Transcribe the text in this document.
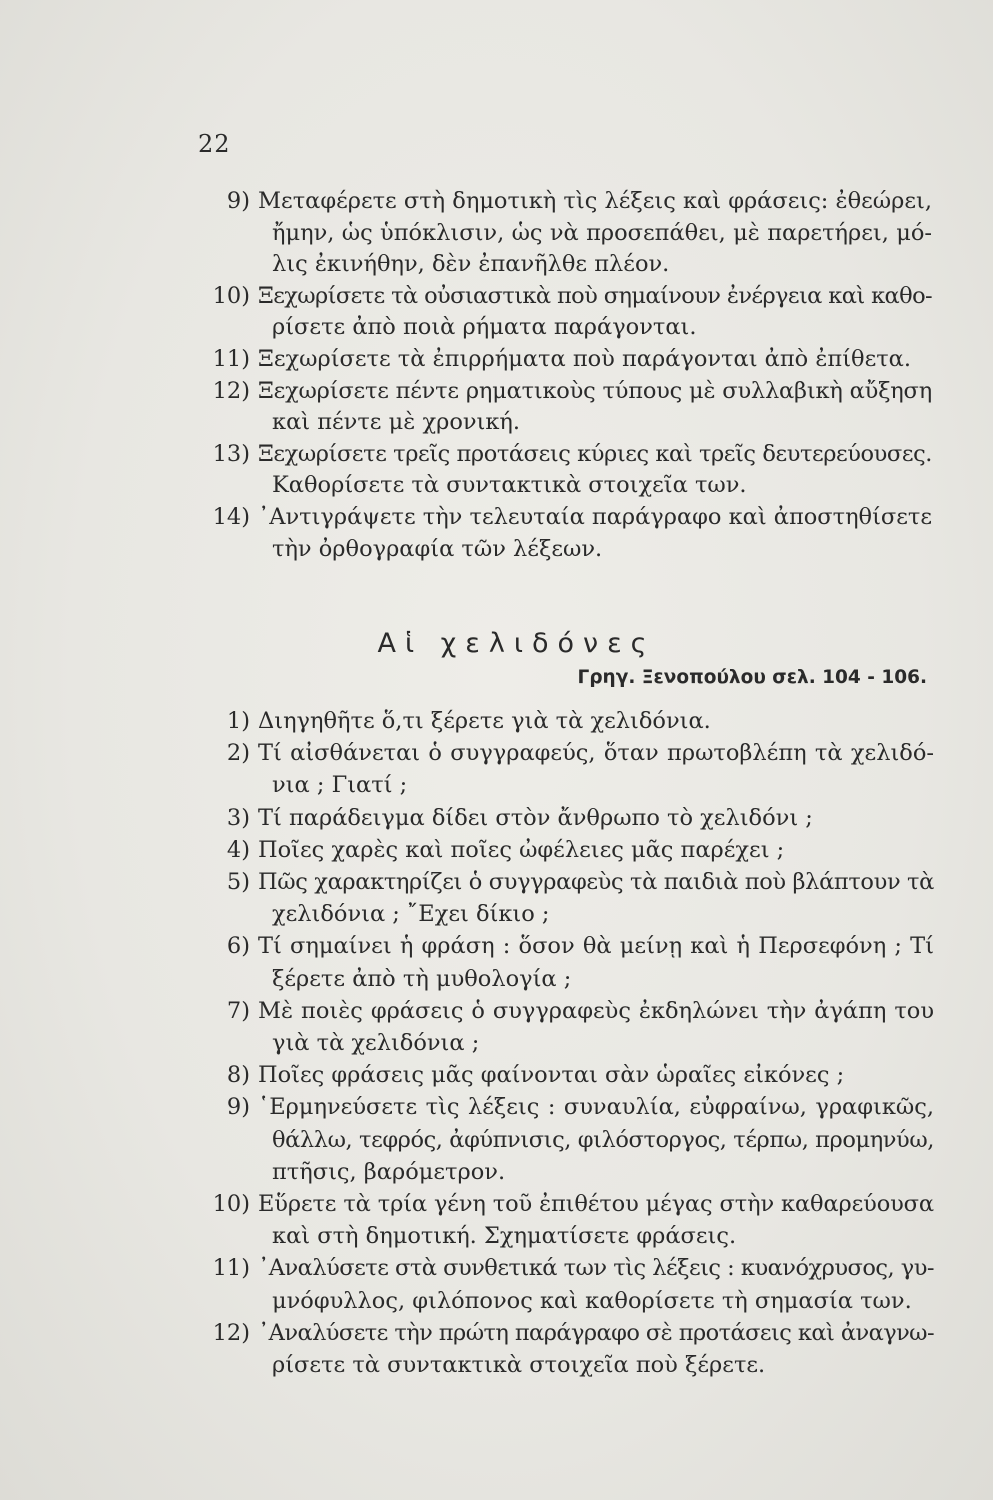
22
9) Μεταφέρετε στὴ δημοτικὴ τὶς λέξεις καὶ φράσεις: ἐθεώρει,
ἤμην, ὡς ὑπόκλισιν, ὡς νὰ προσεπάθει, μὲ παρετήρει, μό-
λις ἐκινήθην, δὲν ἐπανῆλθε πλέον.
10) Ξεχωρίσετε τὰ οὐσιαστικὰ ποὺ σημαίνουν ἐνέργεια καὶ καθο-
ρίσετε ἀπὸ ποιὰ ρήματα παράγονται.
11) Ξεχωρίσετε τὰ ἐπιρρήματα ποὺ παράγονται ἀπὸ ἐπίθετα.
12) Ξεχωρίσετε πέντε ρηματικοὺς τύπους μὲ συλλαβικὴ αὔξηση
καὶ πέντε μὲ χρονική.
13) Ξεχωρίσετε τρεῖς προτάσεις κύριες καὶ τρεῖς δευτερεύουσες.
Καθορίσετε τὰ συντακτικὰ στοιχεῖα των.
14) ᾿Αντιγράψετε τὴν τελευταία παράγραφο καὶ ἀποστηθίσετε
τὴν ὀρθογραφία τῶν λέξεων.
Αἱ χελιδόνες
Γρηγ. Ξενοπούλου σελ. 104 - 106.
1) Διηγηθῆτε ὅ,τι ξέρετε γιὰ τὰ χελιδόνια.
2) Τί αἰσθάνεται ὁ συγγραφεύς, ὅταν πρωτοβλέπη τὰ χελιδό-
νια ; Γιατί ;
3) Τί παράδειγμα δίδει στὸν ἄνθρωπο τὸ χελιδόνι ;
4) Ποῖες χαρὲς καὶ ποῖες ὠφέλειες μᾶς παρέχει ;
5) Πῶς χαρακτηρίζει ὁ συγγραφεὺς τὰ παιδιὰ ποὺ βλάπτουν τὰ
χελιδόνια ; ῎Εχει δίκιο ;
6) Τί σημαίνει ἡ φράση : ὅσον θὰ μείνῃ καὶ ἡ Περσεφόνη ; Τί
ξέρετε ἀπὸ τὴ μυθολογία ;
7) Μὲ ποιὲς φράσεις ὁ συγγραφεὺς ἐκδηλώνει τὴν ἀγάπη του
γιὰ τὰ χελιδόνια ;
8) Ποῖες φράσεις μᾶς φαίνονται σὰν ὡραῖες εἰκόνες ;
9) ῾Ερμηνεύσετε τὶς λέξεις : συναυλία, εὐφραίνω, γραφικῶς,
θάλλω, τεφρός, ἀφύπνισις, φιλόστοργος, τέρπω, προμηνύω,
πτῆσις, βαρόμετρον.
10) Εὕρετε τὰ τρία γένη τοῦ ἐπιθέτου μέγας στὴν καθαρεύουσα
καὶ στὴ δημοτική. Σχηματίσετε φράσεις.
11) ᾿Αναλύσετε στὰ συνθετικά των τὶς λέξεις : κυανόχρυσος, γυ-
μνόφυλλος, φιλόπονος καὶ καθορίσετε τὴ σημασία των.
12) ᾿Αναλύσετε τὴν πρώτη παράγραφο σὲ προτάσεις καὶ ἀναγνω-
ρίσετε τὰ συντακτικὰ στοιχεῖα ποὺ ξέρετε.
